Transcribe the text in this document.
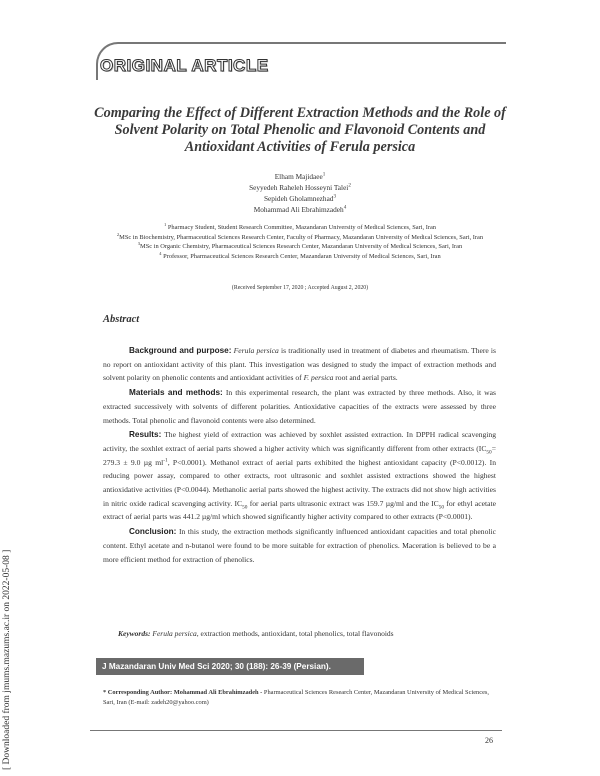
[ Downloaded from jmums.mazums.ac.ir on 2022-05-08 ]
ORIGINAL ARTICLE
Comparing the Effect of Different Extraction Methods and the Role of Solvent Polarity on Total Phenolic and Flavonoid Contents and Antioxidant Activities of Ferula persica
Elham Majidaee$^1$
Seyyedeh Raheleh Hosseyni Talei$^2$
Sepideh Gholamnezhad$^3$
Mohammad Ali Ebrahimzadeh$^4$
$^1$ Pharmacy Student, Student Research Committee, Mazandaran University of Medical Sciences, Sari, Iran
$^2$MSc in Biochemistry, Pharmaceutical Sciences Research Center, Faculty of Pharmacy, Mazandaran University of Medical Sciences, Sari, Iran
$^3$MSc in Organic Chemistry, Pharmaceutical Sciences Research Center, Mazandaran University of Medical Sciences, Sari, Iran
$^4$ Professor, Pharmaceutical Sciences Research Center, Mazandaran University of Medical Sciences, Sari, Iran
(Received September 17, 2020 ; Accepted August 2, 2020)
Abstract

Background and purpose: Ferula persica is traditionally used in treatment of diabetes and rheumatism. There is no report on antioxidant activity of this plant. This investigation was designed to study the impact of extraction methods and solvent polarity on phenolic contents and antioxidant activities of F. persica root and aerial parts.

Materials and methods: In this experimental research, the plant was extracted by three methods. Also, it was extracted successively with solvents of different polarities. Antioxidative capacities of the extracts were assessed by three methods. Total phenolic and flavonoid contents were also determined.

Results: The highest yield of extraction was achieved by soxhlet assisted extraction. In DPPH radical scavenging activity, the soxhlet extract of aerial parts showed a higher activity which was significantly different from other extracts ($IC_{50}= 279.3 \pm 9.0$ µg $ml^{-1}$, P<0.0001). Methanol extract of aerial parts exhibited the highest antioxidant capacity (P<0.0012). In reducing power assay, compared to other extracts, root ultrasonic and soxhlet assisted extractions showed the highest antioxidative activities (P<0.0044). Methanolic aerial parts showed the highest activity. The extracts did not show high activities in nitric oxide radical scavenging activity. $IC_{50}$ for aerial parts ultrasonic extract was 159.7 µg/ml and the $IC_{50}$ for ethyl acetate extract of aerial parts was 441.2 µg/ml which showed significantly higher activity compared to other extracts (P<0.0001).

Conclusion: In this study, the extraction methods significantly influenced antioxidant capacities and total phenolic content. Ethyl acetate and n-butanol were found to be more suitable for extraction of phenolics. Maceration is believed to be a more efficient method for extraction of phenolics.

Keywords: Ferula persica, extraction methods, antioxidant, total phenolics, total flavonoids
J Mazandaran Univ Med Sci 2020; 30 (188): 26-39 (Persian).
* Corresponding Author: Mohammad Ali Ebrahimzadeh - Pharmaceutical Sciences Research Center, Mazandaran University of Medical Sciences, Sari, Iran (E-mail: zadeh20@yahoo.com)
26
